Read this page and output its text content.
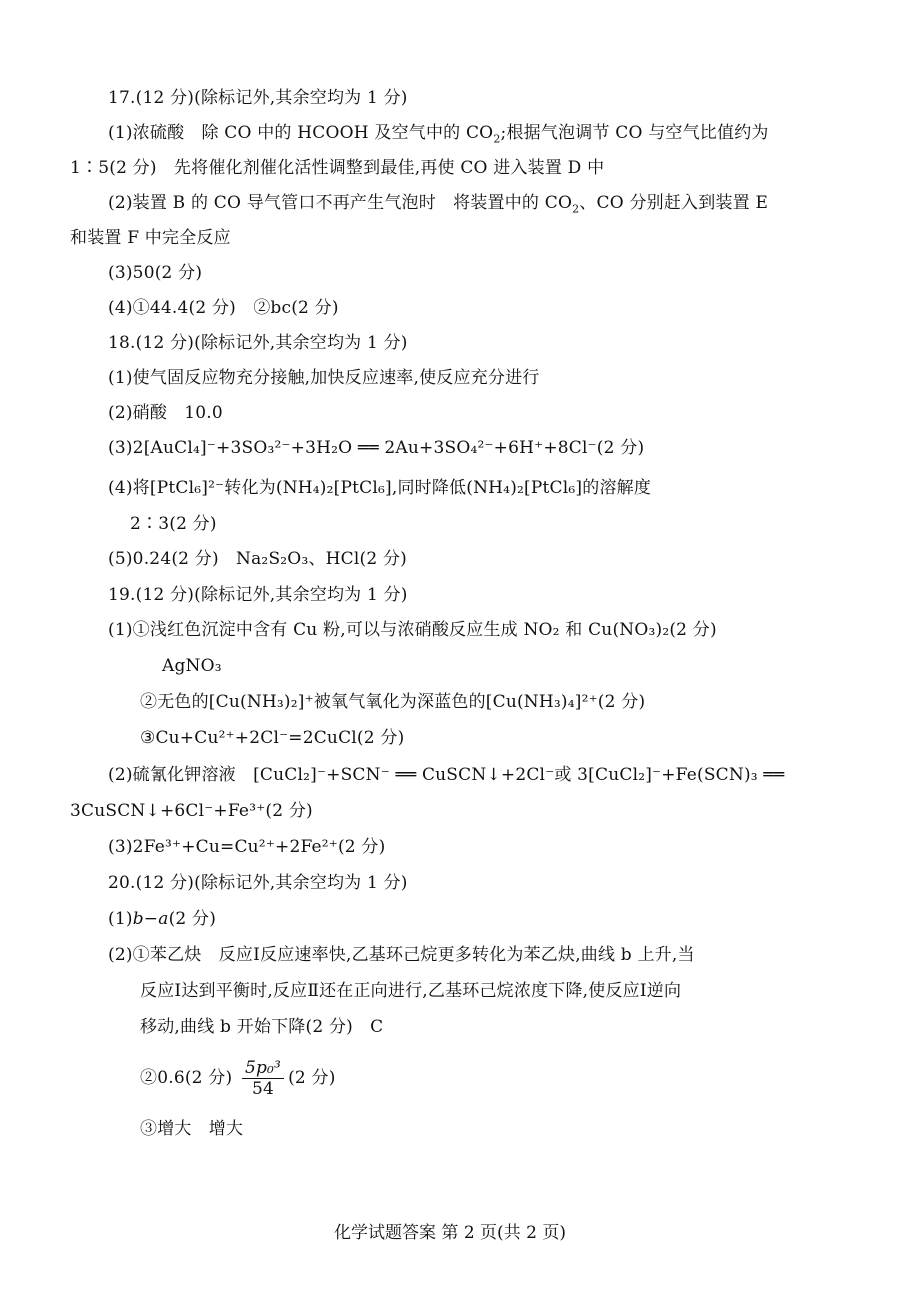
17.(12 分)(除标记外,其余空均为 1 分)
(1)浓硫酸　除 CO 中的 HCOOH 及空气中的 $CO_2$;根据气泡调节 CO 与空气比值约为
1∶5(2 分)　先将催化剂催化活性调整到最佳,再使 CO 进入装置 D 中
(2)装置 B 的 CO 导气管口不再产生气泡时　将装置中的 $CO_2$、CO 分别赶入到装置 E
和装置 F 中完全反应
(3)50(2 分)
(4)①44.4(2 分)　②bc(2 分)
18.(12 分)(除标记外,其余空均为 1 分)
(1)使气固反应物充分接触,加快反应速率,使反应充分进行
(2)硝酸　10.0
(3)2[AuCl₄]⁻+3SO₃²⁻+3H₂O ══ 2Au+3SO₄²⁻+6H⁺+8Cl⁻(2 分)
(4)将[PtCl₆]²⁻转化为(NH₄)₂[PtCl₆],同时降低(NH₄)₂[PtCl₆]的溶解度
2∶3(2 分)
(5)0.24(2 分)　Na₂S₂O₃、HCl(2 分)
19.(12 分)(除标记外,其余空均为 1 分)
(1)①浅红色沉淀中含有 Cu 粉,可以与浓硝酸反应生成 NO₂ 和 Cu(NO₃)₂(2 分)
AgNO₃
②无色的[Cu(NH₃)₂]⁺被氧气氧化为深蓝色的[Cu(NH₃)₄]²⁺(2 分)
③Cu+Cu²⁺+2Cl⁻=2CuCl(2 分)
(2)硫氰化钾溶液　[CuCl₂]⁻+SCN⁻ ══ CuSCN↓+2Cl⁻或 3[CuCl₂]⁻+Fe(SCN)₃ ══
3CuSCN↓+6Cl⁻+Fe³⁺(2 分)
(3)2Fe³⁺+Cu=Cu²⁺+2Fe²⁺(2 分)
20.(12 分)(除标记外,其余空均为 1 分)
(1)b−a(2 分)
(2)①苯乙炔　反应Ⅰ反应速率快,乙基环己烷更多转化为苯乙炔,曲线 b 上升,当
反应Ⅰ达到平衡时,反应Ⅱ还在正向进行,乙基环己烷浓度下降,使反应Ⅰ逆向
移动,曲线 b 开始下降(2 分)　C
②0.6(2 分) $\frac{\text{5p₀³}}{54} (2$ 分)
③增大　增大
化学试题答案 第 2 页(共 2 页)
